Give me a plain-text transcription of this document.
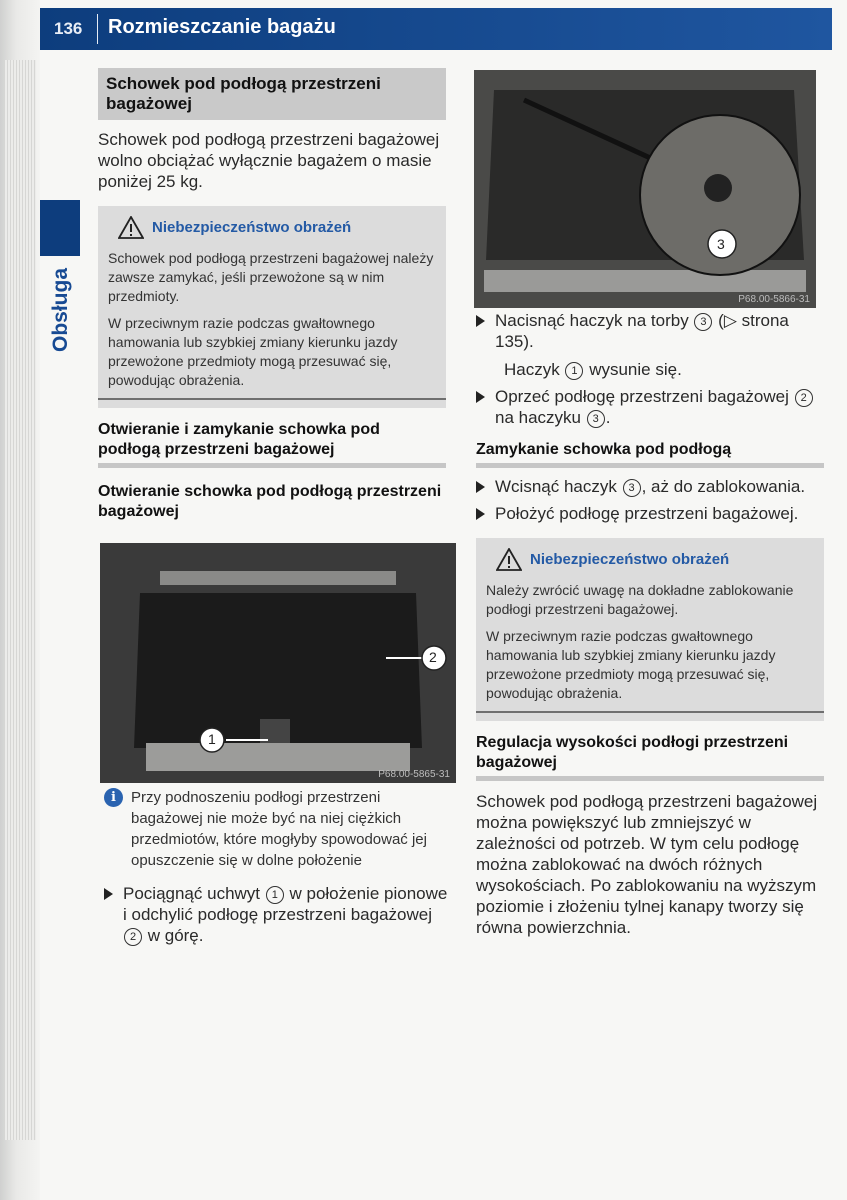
136 Rozmieszczanie bagażu
Obsługa
Schowek pod podłogą przestrzeni bagażowej
Schowek pod podłogą przestrzeni bagażowej wolno obciążać wyłącznie bagażem o masie poniżej 25 kg.
Niebezpieczeństwo obrażeń

Schowek pod podłogą przestrzeni bagażowej należy zawsze zamykać, jeśli przewożone są w nim przedmioty.

W przeciwnym razie podczas gwałtownego hamowania lub szybkiej zmiany kierunku jazdy przewożone przedmioty mogą przesuwać się, powodując obrażenia.

Otwieranie i zamykanie schowka pod podłogą przestrzeni bagażowej
Otwieranie schowka pod podłogą przestrzeni bagażowej
2
1
P68.00-5865-31
i	Przy podnoszeniu podłogi przestrzeni bagażowej nie może być na niej ciężkich przedmiotów, które mogłyby spowodować jej opuszczenie się w dolne położenie
Pociągnąć uchwyt 1 w położenie pionowe i odchylić podłogę przestrzeni bagażowej 2 w górę.
3
P68.00-5866-31
Nacisnąć haczyk na torby 3 (▷ strona 135).
Haczyk 1 wysunie się.
Oprzeć podłogę przestrzeni bagażowej 2 na haczyku 3 .
Zamykanie schowka pod podłogą
Wcisnąć haczyk 3 , aż do zablokowania.
Położyć podłogę przestrzeni bagażowej.
Niebezpieczeństwo obrażeń

Należy zwrócić uwagę na dokładne zablokowanie podłogi przestrzeni bagażowej.

W przeciwnym razie podczas gwałtownego hamowania lub szybkiej zmiany kierunku jazdy przewożone przedmioty mogą przesuwać się, powodując obrażenia.

Regulacja wysokości podłogi przestrzeni bagażowej
Schowek pod podłogą przestrzeni bagażowej można powiększyć lub zmniejszyć w zależności od potrzeb. W tym celu podłogę można zablokować na dwóch różnych wysokościach. Po zablokowaniu na wyższym poziomie i złożeniu tylnej kanapy tworzy się równa powierzchnia.
